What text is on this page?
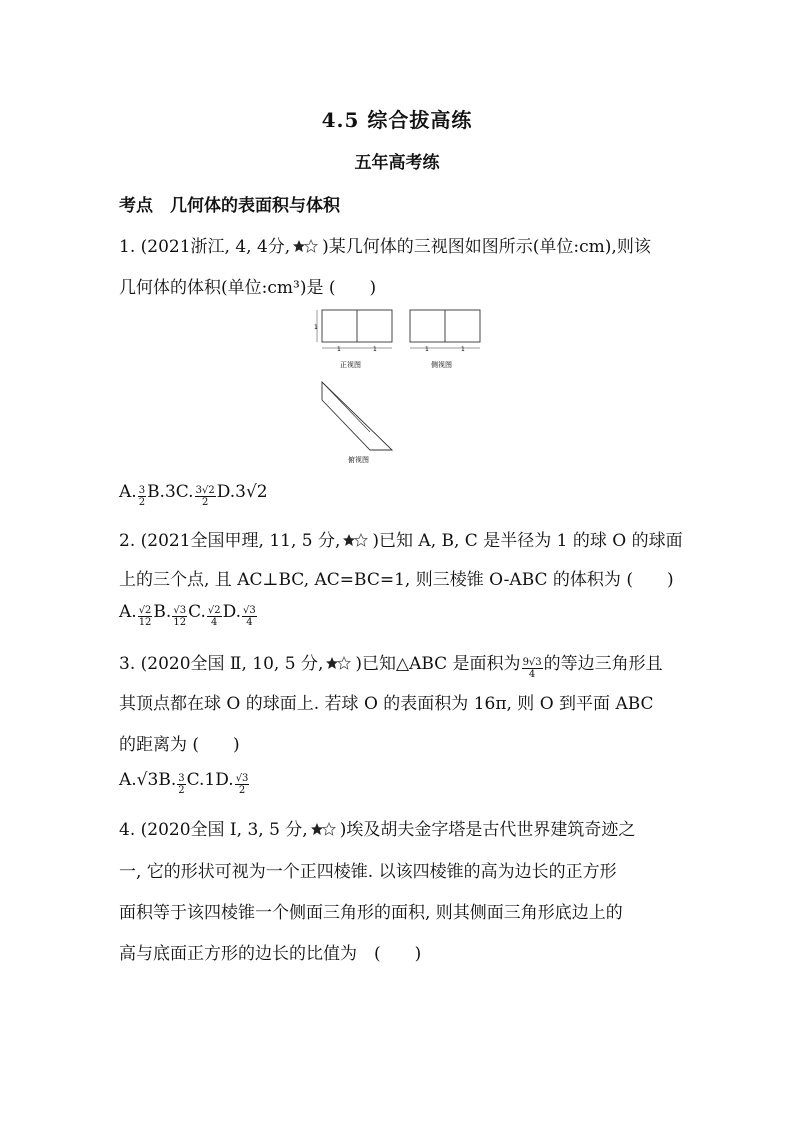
4.5 综合拔高练
五年高考练
考点　几何体的表面积与体积
1. (2021浙江, 4, 4分, )某几何体的三视图如图所示(单位:cm),则该
几何体的体积(单位:cm³)是 (　　)
1
1	1
正视图
1	1
侧视图
俯视图
A. $\frac{3}{2} B.3C$. $\frac{3√2}{2} D.3√2$
2. (2021全国甲理, 11, 5 分, )已知 A, B, C 是半径为 1 的球 O 的球面
上的三个点, 且 AC⊥BC, AC=BC=1, 则三棱锥 O-ABC 的体积为 (　　)
A. $\frac{√2}{12} B$. $\frac{√3}{12} C$. $\frac{√2}{4} D$. $\frac{√3}{4}$
3. (2020全国 Ⅱ, 10, 5 分, )已知△ABC 是面积为 $\frac{9√3}{4}$ 的等边三角形且
其顶点都在球 O 的球面上. 若球 O 的表面积为 16π, 则 O 到平面 ABC
的距离为 (　　)
A.√3B. $\frac{3}{2} C.1D$. $\frac{√3}{2}$
4. (2020全国 Ⅰ, 3, 5 分, )埃及胡夫金字塔是古代世界建筑奇迹之
一, 它的形状可视为一个正四棱锥. 以该四棱锥的高为边长的正方形
面积等于该四棱锥一个侧面三角形的面积, 则其侧面三角形底边上的
高与底面正方形的边长的比值为　(　　)
